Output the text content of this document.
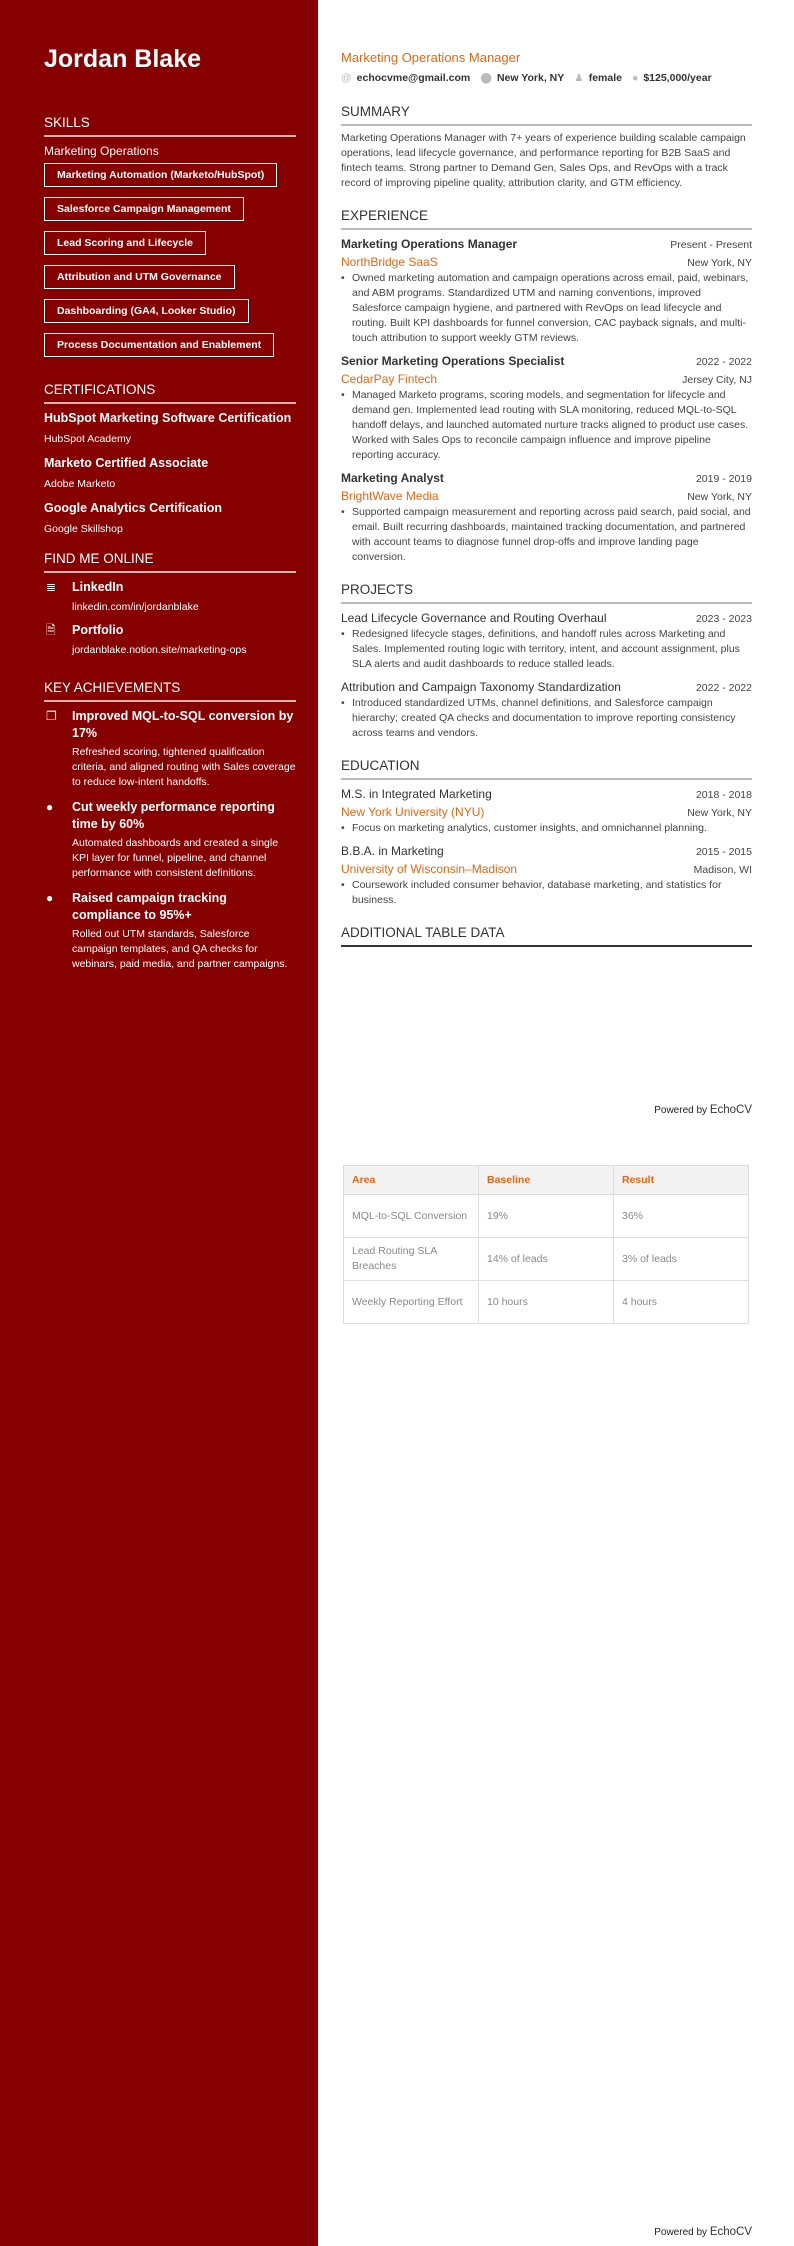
Jordan Blake
SKILLS
Marketing Operations
Marketing Automation (Marketo/HubSpot)
Salesforce Campaign Management
Lead Scoring and Lifecycle
Attribution and UTM Governance
Dashboarding (GA4, Looker Studio)
Process Documentation and Enablement
CERTIFICATIONS
HubSpot Marketing Software Certification
HubSpot Academy
Marketo Certified Associate
Adobe Marketo
Google Analytics Certification
Google Skillshop
FIND ME ONLINE
≣	LinkedIn
linkedin.com/in/jordanblake
🗎	Portfolio
jordanblake.notion.site/marketing-ops
KEY ACHIEVEMENTS
❐	Improved MQL-to-SQL conversion by 17%
Refreshed scoring, tightened qualification criteria, and aligned routing with Sales coverage to reduce low-intent handoffs.
●	Cut weekly performance reporting time by 60%
Automated dashboards and created a single KPI layer for funnel, pipeline, and channel performance with consistent definitions.
●	Raised campaign tracking compliance to 95%+
Rolled out UTM standards, Salesforce campaign templates, and QA checks for webinars, paid media, and partner campaigns.
Marketing Operations Manager
@ echocvme@gmail.com ⬤ New York, NY ♟ female ● $125,000/year
SUMMARY
Marketing Operations Manager with 7+ years of experience building scalable campaign operations, lead lifecycle governance, and performance reporting for B2B SaaS and fintech teams. Strong partner to Demand Gen, Sales Ops, and RevOps with a track record of improving pipeline quality, attribution clarity, and GTM efficiency.
EXPERIENCE
Marketing Operations Manager	Present - Present
NorthBridge SaaS	New York, NY
• Owned marketing automation and campaign operations across email, paid, webinars, and ABM programs. Standardized UTM and naming conventions, improved Salesforce campaign hygiene, and partnered with RevOps on lead lifecycle and routing. Built KPI dashboards for funnel conversion, CAC payback signals, and multi-touch attribution to support weekly GTM reviews.
Senior Marketing Operations Specialist	2022 - 2022
CedarPay Fintech	Jersey City, NJ
• Managed Marketo programs, scoring models, and segmentation for lifecycle and demand gen. Implemented lead routing with SLA monitoring, reduced MQL-to-SQL handoff delays, and launched automated nurture tracks aligned to product use cases. Worked with Sales Ops to reconcile campaign influence and improve pipeline reporting accuracy.
Marketing Analyst	2019 - 2019
BrightWave Media	New York, NY
• Supported campaign measurement and reporting across paid search, paid social, and email. Built recurring dashboards, maintained tracking documentation, and partnered with account teams to diagnose funnel drop-offs and improve landing page conversion.
PROJECTS
Lead Lifecycle Governance and Routing Overhaul	2023 - 2023
• Redesigned lifecycle stages, definitions, and handoff rules across Marketing and Sales. Implemented routing logic with territory, intent, and account assignment, plus SLA alerts and audit dashboards to reduce stalled leads.
Attribution and Campaign Taxonomy Standardization	2022 - 2022
• Introduced standardized UTMs, channel definitions, and Salesforce campaign hierarchy; created QA checks and documentation to improve reporting consistency across teams and vendors.
EDUCATION
M.S. in Integrated Marketing	2018 - 2018
New York University (NYU)	New York, NY
• Focus on marketing analytics, customer insights, and omnichannel planning.
B.B.A. in Marketing	2015 - 2015
University of Wisconsin–Madison	Madison, WI
• Coursework included consumer behavior, database marketing, and statistics for business.
ADDITIONAL TABLE DATA
Powered by EchoCV
Area	Baseline	Result
MQL-to-SQL Conversion	19%	36%
Lead Routing SLA Breaches	14% of leads	3% of leads
Weekly Reporting Effort	10 hours	4 hours
Powered by EchoCV
